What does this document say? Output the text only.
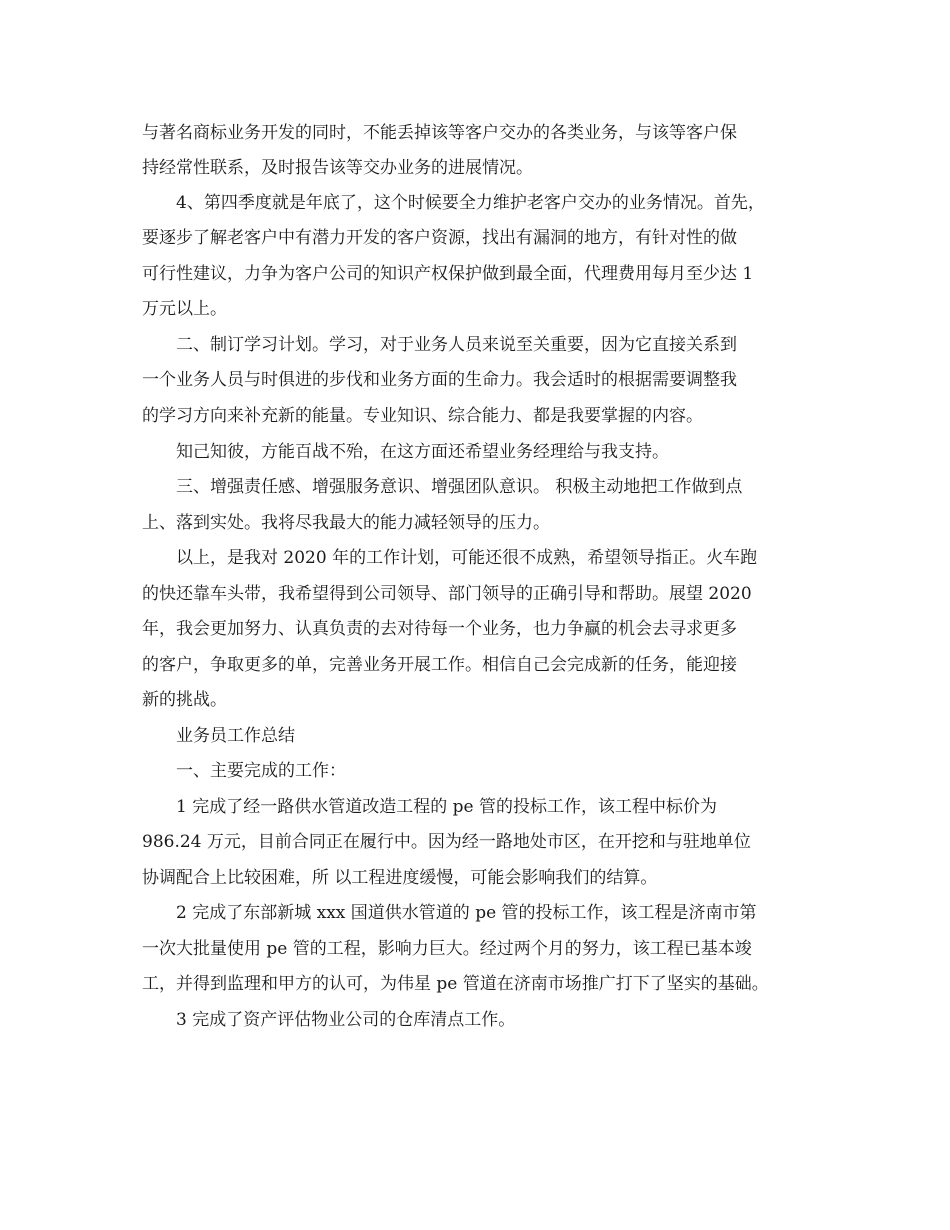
与著名商标业务开发的同时，不能丢掉该等客户交办的各类业务，与该等客户保
持经常性联系，及时报告该等交办业务的进展情况。
4、第四季度就是年底了，这个时候要全力维护老客户交办的业务情况。首先，
要逐步了解老客户中有潜力开发的客户资源，找出有漏洞的地方，有针对性的做
可行性建议，力争为客户公司的知识产权保护做到最全面，代理费用每月至少达 1
万元以上。
二、制订学习计划。学习，对于业务人员来说至关重要，因为它直接关系到
一个业务人员与时俱进的步伐和业务方面的生命力。我会适时的根据需要调整我
的学习方向来补充新的能量。专业知识、综合能力、都是我要掌握的内容。
知己知彼，方能百战不殆，在这方面还希望业务经理给与我支持。
三、增强责任感、增强服务意识、增强团队意识。 积极主动地把工作做到点
上、落到实处。我将尽我最大的能力减轻领导的压力。
以上，是我对 2020 年的工作计划，可能还很不成熟，希望领导指正。火车跑
的快还靠车头带，我希望得到公司领导、部门领导的正确引导和帮助。展望 2020
年，我会更加努力、认真负责的去对待每一个业务，也力争赢的机会去寻求更多
的客户，争取更多的单，完善业务开展工作。相信自己会完成新的任务，能迎接
新的挑战。
业务员工作总结
一、主要完成的工作：
1 完成了经一路供水管道改造工程的 pe 管的投标工作，该工程中标价为
986.24 万元，目前合同正在履行中。因为经一路地处市区，在开挖和与驻地单位
协调配合上比较困难，所 以工程进度缓慢，可能会影响我们的结算。
2 完成了东部新城 xxx 国道供水管道的 pe 管的投标工作，该工程是济南市第
一次大批量使用 pe 管的工程，影响力巨大。经过两个月的努力，该工程已基本竣
工，并得到监理和甲方的认可，为伟星 pe 管道在济南市场推广打下了坚实的基础。
3 完成了资产评估物业公司的仓库清点工作。
